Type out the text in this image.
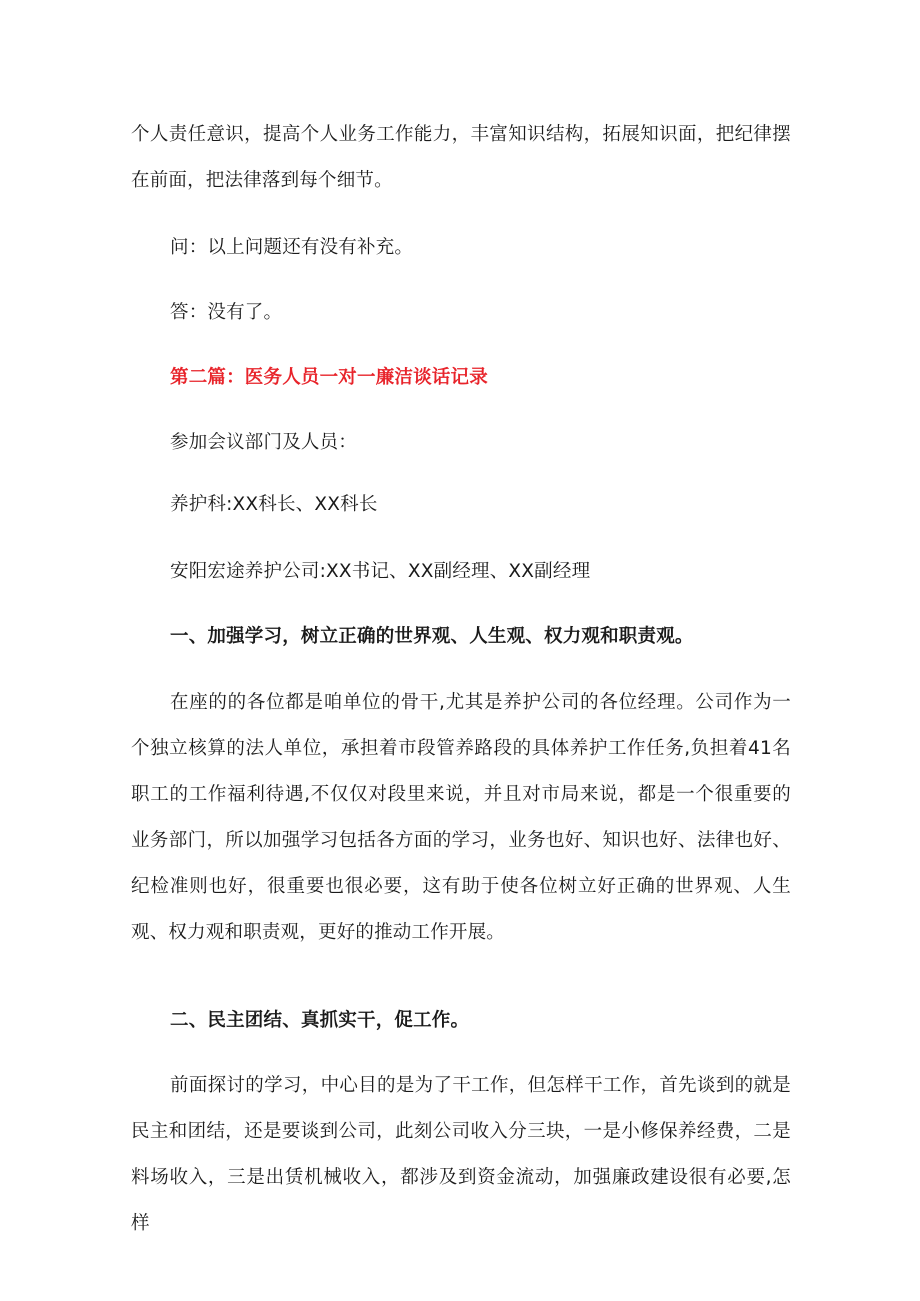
个人责任意识，提高个人业务工作能力，丰富知识结构，拓展知识面，把纪律摆在前面，把法律落到每个细节。

问：以上问题还有没有补充。

答：没有了。

第二篇：医务人员一对一廉洁谈话记录

参加会议部门及人员：

养护科:XX科长、XX科长

安阳宏途养护公司:XX书记、XX副经理、XX副经理

一、加强学习，树立正确的世界观、人生观、权力观和职责观。

在座的的各位都是咱单位的骨干,尤其是养护公司的各位经理。公司作为一个独立核算的法人单位，承担着市段管养路段的具体养护工作任务,负担着41名职工的工作福利待遇,不仅仅对段里来说，并且对市局来说，都是一个很重要的业务部门，所以加强学习包括各方面的学习，业务也好、知识也好、法律也好、纪检准则也好，很重要也很必要，这有助于使各位树立好正确的世界观、人生观、权力观和职责观，更好的推动工作开展。

二、民主团结、真抓实干，促工作。

前面探讨的学习，中心目的是为了干工作，但怎样干工作，首先谈到的就是民主和团结，还是要谈到公司，此刻公司收入分三块，一是小修保养经费，二是料场收入，三是出赁机械收入，都涉及到资金流动，加强廉政建设很有必要,怎样
